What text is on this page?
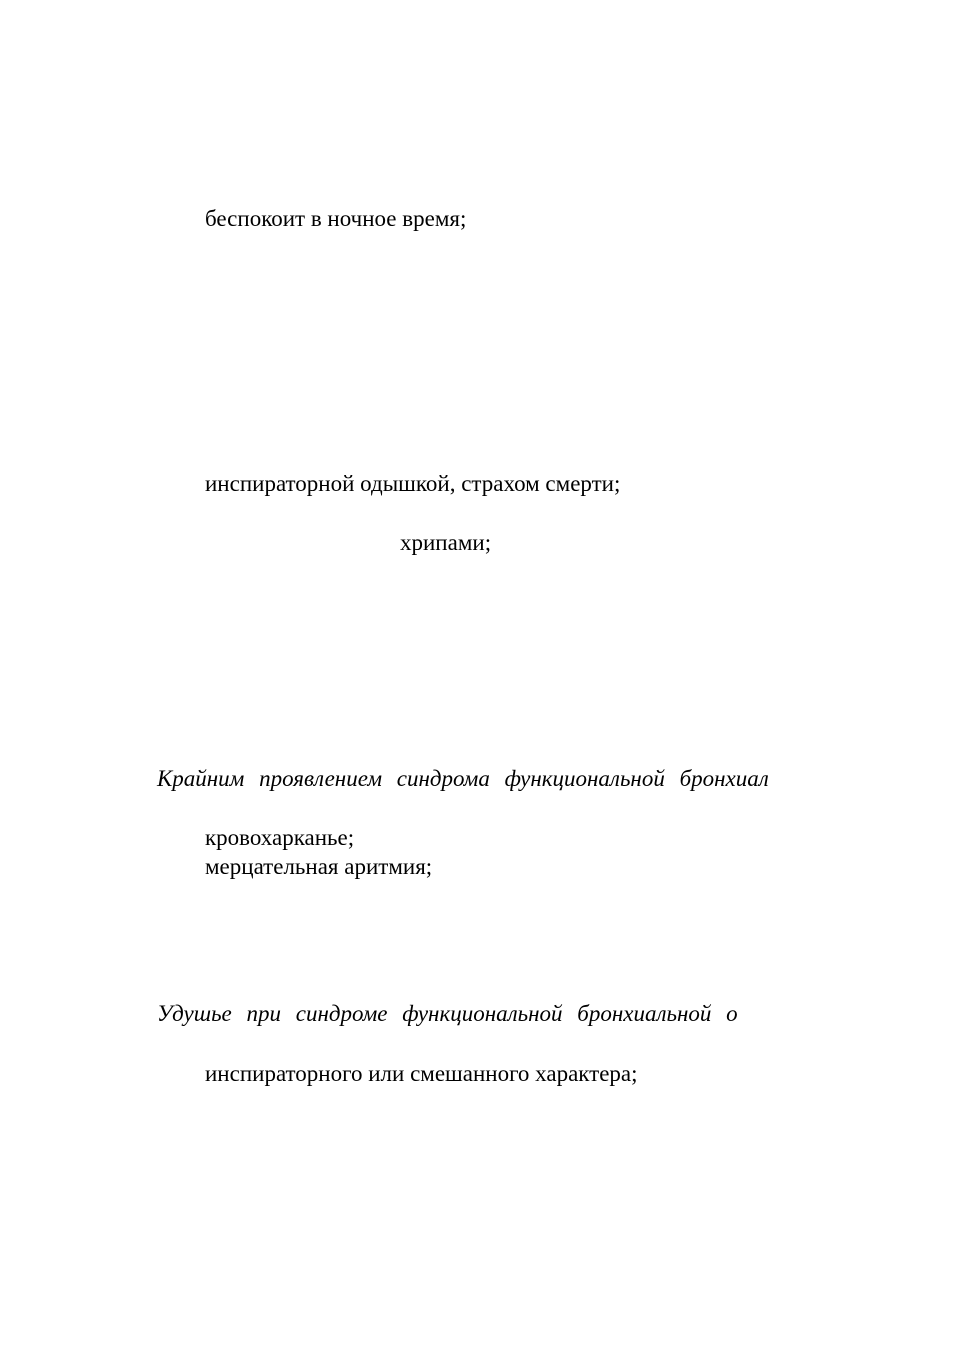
беспокоит в ночное время;
инспираторной одышкой, страхом смерти;
хрипами;
Крайним проявлением синдрома функциональной бронхиал
кровохарканье;
мерцательная аритмия;
Удушье при синдроме функциональной бронхиальной о
инспираторного или смешанного характера;
